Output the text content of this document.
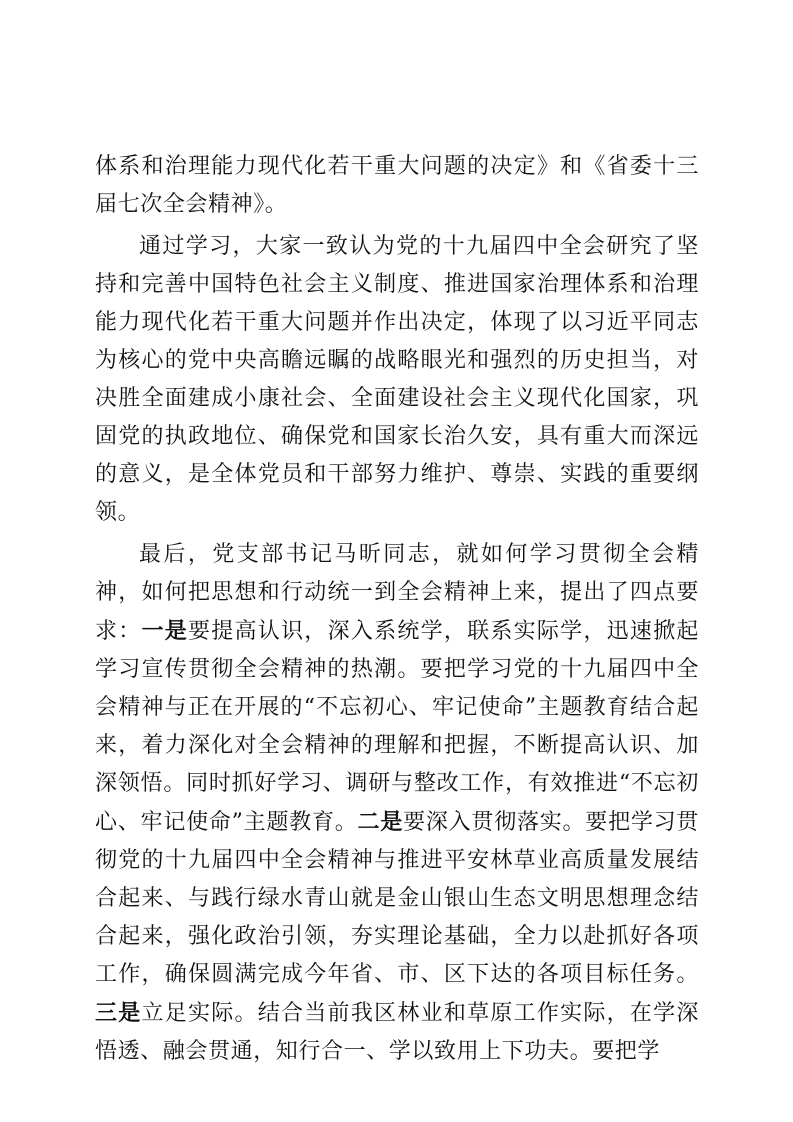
体系和治理能力现代化若干重大问题的决定》和《省委十三届七次全会精神》。

通过学习，大家一致认为党的十九届四中全会研究了坚持和完善中国特色社会主义制度、推进国家治理体系和治理能力现代化若干重大问题并作出决定，体现了以习近平同志为核心的党中央高瞻远瞩的战略眼光和强烈的历史担当，对决胜全面建成小康社会、全面建设社会主义现代化国家，巩固党的执政地位、确保党和国家长治久安，具有重大而深远的意义，是全体党员和干部努力维护、尊崇、实践的重要纲领。

最后，党支部书记马昕同志，就如何学习贯彻全会精神，如何把思想和行动统一到全会精神上来，提出了四点要求：一是要提高认识，深入系统学，联系实际学，迅速掀起学习宣传贯彻全会精神的热潮。要把学习党的十九届四中全会精神与正在开展的“不忘初心、牢记使命”主题教育结合起来，着力深化对全会精神的理解和把握，不断提高认识、加深领悟。同时抓好学习、调研与整改工作，有效推进“不忘初心、牢记使命”主题教育。二是要深入贯彻落实。要把学习贯彻党的十九届四中全会精神与推进平安林草业高质量发展结合起来、与践行绿水青山就是金山银山生态文明思想理念结合起来，强化政治引领，夯实理论基础，全力以赴抓好各项工作，确保圆满完成今年省、市、区下达的各项目标任务。三是立足实际。结合当前我区林业和草原工作实际，在学深悟透、融会贯通，知行合一、学以致用上下功夫。要把学
